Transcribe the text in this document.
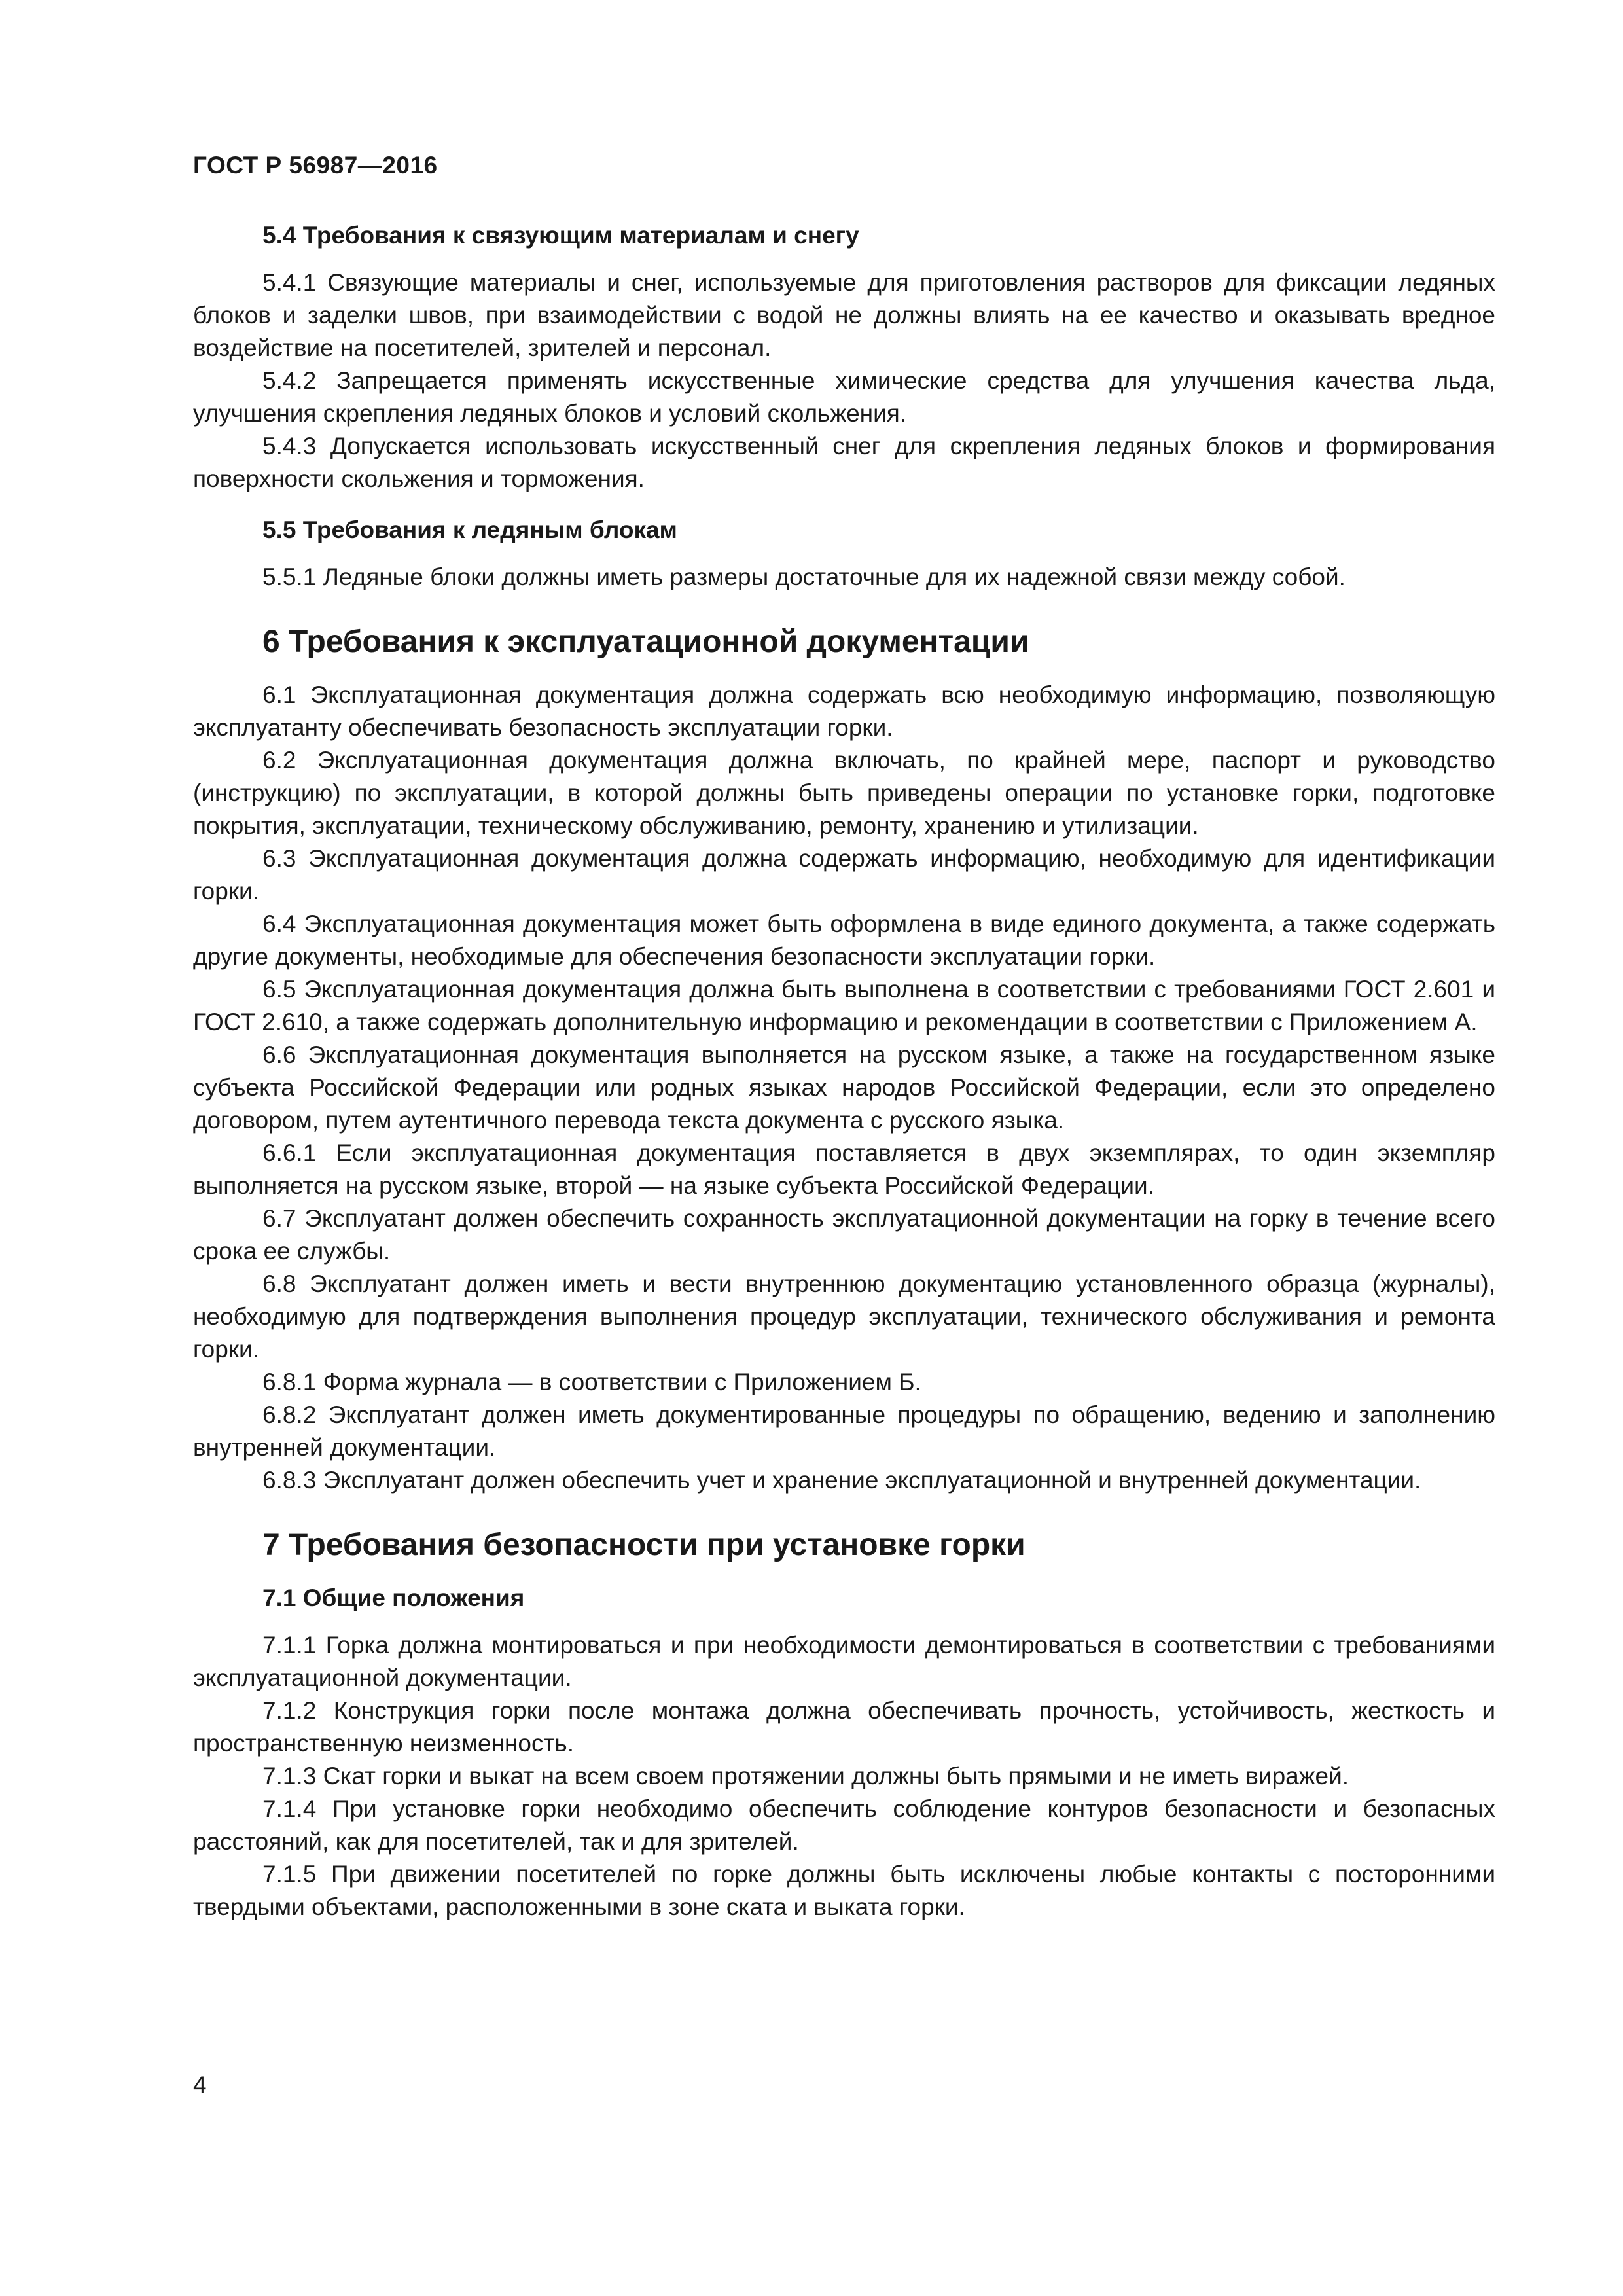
ГОСТ Р 56987—2016
5.4 Требования к связующим материалам и снегу

5.4.1 Связующие материалы и снег, используемые для приготовления растворов для фиксации ледяных блоков и заделки швов, при взаимодействии с водой не должны влиять на ее качество и оказывать вредное воздействие на посетителей, зрителей и персонал.

5.4.2 Запрещается применять искусственные химические средства для улучшения качества льда, улучшения скрепления ледяных блоков и условий скольжения.

5.4.3 Допускается использовать искусственный снег для скрепления ледяных блоков и формирования поверхности скольжения и торможения.

5.5 Требования к ледяным блокам

5.5.1 Ледяные блоки должны иметь размеры достаточные для их надежной связи между собой.

6 Требования к эксплуатационной документации

6.1 Эксплуатационная документация должна содержать всю необходимую информацию, позволяющую эксплуатанту обеспечивать безопасность эксплуатации горки.

6.2 Эксплуатационная документация должна включать, по крайней мере, паспорт и руководство (инструкцию) по эксплуатации, в которой должны быть приведены операции по установке горки, подготовке покрытия, эксплуатации, техническому обслуживанию, ремонту, хранению и утилизации.

6.3 Эксплуатационная документация должна содержать информацию, необходимую для идентификации горки.

6.4 Эксплуатационная документация может быть оформлена в виде единого документа, а также содержать другие документы, необходимые для обеспечения безопасности эксплуатации горки.

6.5 Эксплуатационная документация должна быть выполнена в соответствии с требованиями ГОСТ 2.601 и ГОСТ 2.610, а также содержать дополнительную информацию и рекомендации в соответствии с Приложением А.

6.6 Эксплуатационная документация выполняется на русском языке, а также на государственном языке субъекта Российской Федерации или родных языках народов Российской Федерации, если это определено договором, путем аутентичного перевода текста документа с русского языка.

6.6.1 Если эксплуатационная документация поставляется в двух экземплярах, то один экземпляр выполняется на русском языке, второй — на языке субъекта Российской Федерации.

6.7 Эксплуатант должен обеспечить сохранность эксплуатационной документации на горку в течение всего срока ее службы.

6.8 Эксплуатант должен иметь и вести внутреннюю документацию установленного образца (журналы), необходимую для подтверждения выполнения процедур эксплуатации, технического обслуживания и ремонта горки.

6.8.1 Форма журнала — в соответствии с Приложением Б.

6.8.2 Эксплуатант должен иметь документированные процедуры по обращению, ведению и заполнению внутренней документации.

6.8.3 Эксплуатант должен обеспечить учет и хранение эксплуатационной и внутренней документации.

7 Требования безопасности при установке горки
7.1 Общие положения

7.1.1 Горка должна монтироваться и при необходимости демонтироваться в соответствии с требованиями эксплуатационной документации.

7.1.2 Конструкция горки после монтажа должна обеспечивать прочность, устойчивость, жесткость и пространственную неизменность.

7.1.3 Скат горки и выкат на всем своем протяжении должны быть прямыми и не иметь виражей.

7.1.4 При установке горки необходимо обеспечить соблюдение контуров безопасности и безопасных расстояний, как для посетителей, так и для зрителей.

7.1.5 При движении посетителей по горке должны быть исключены любые контакты с посторонними твердыми объектами, расположенными в зоне ската и выката горки.

4
